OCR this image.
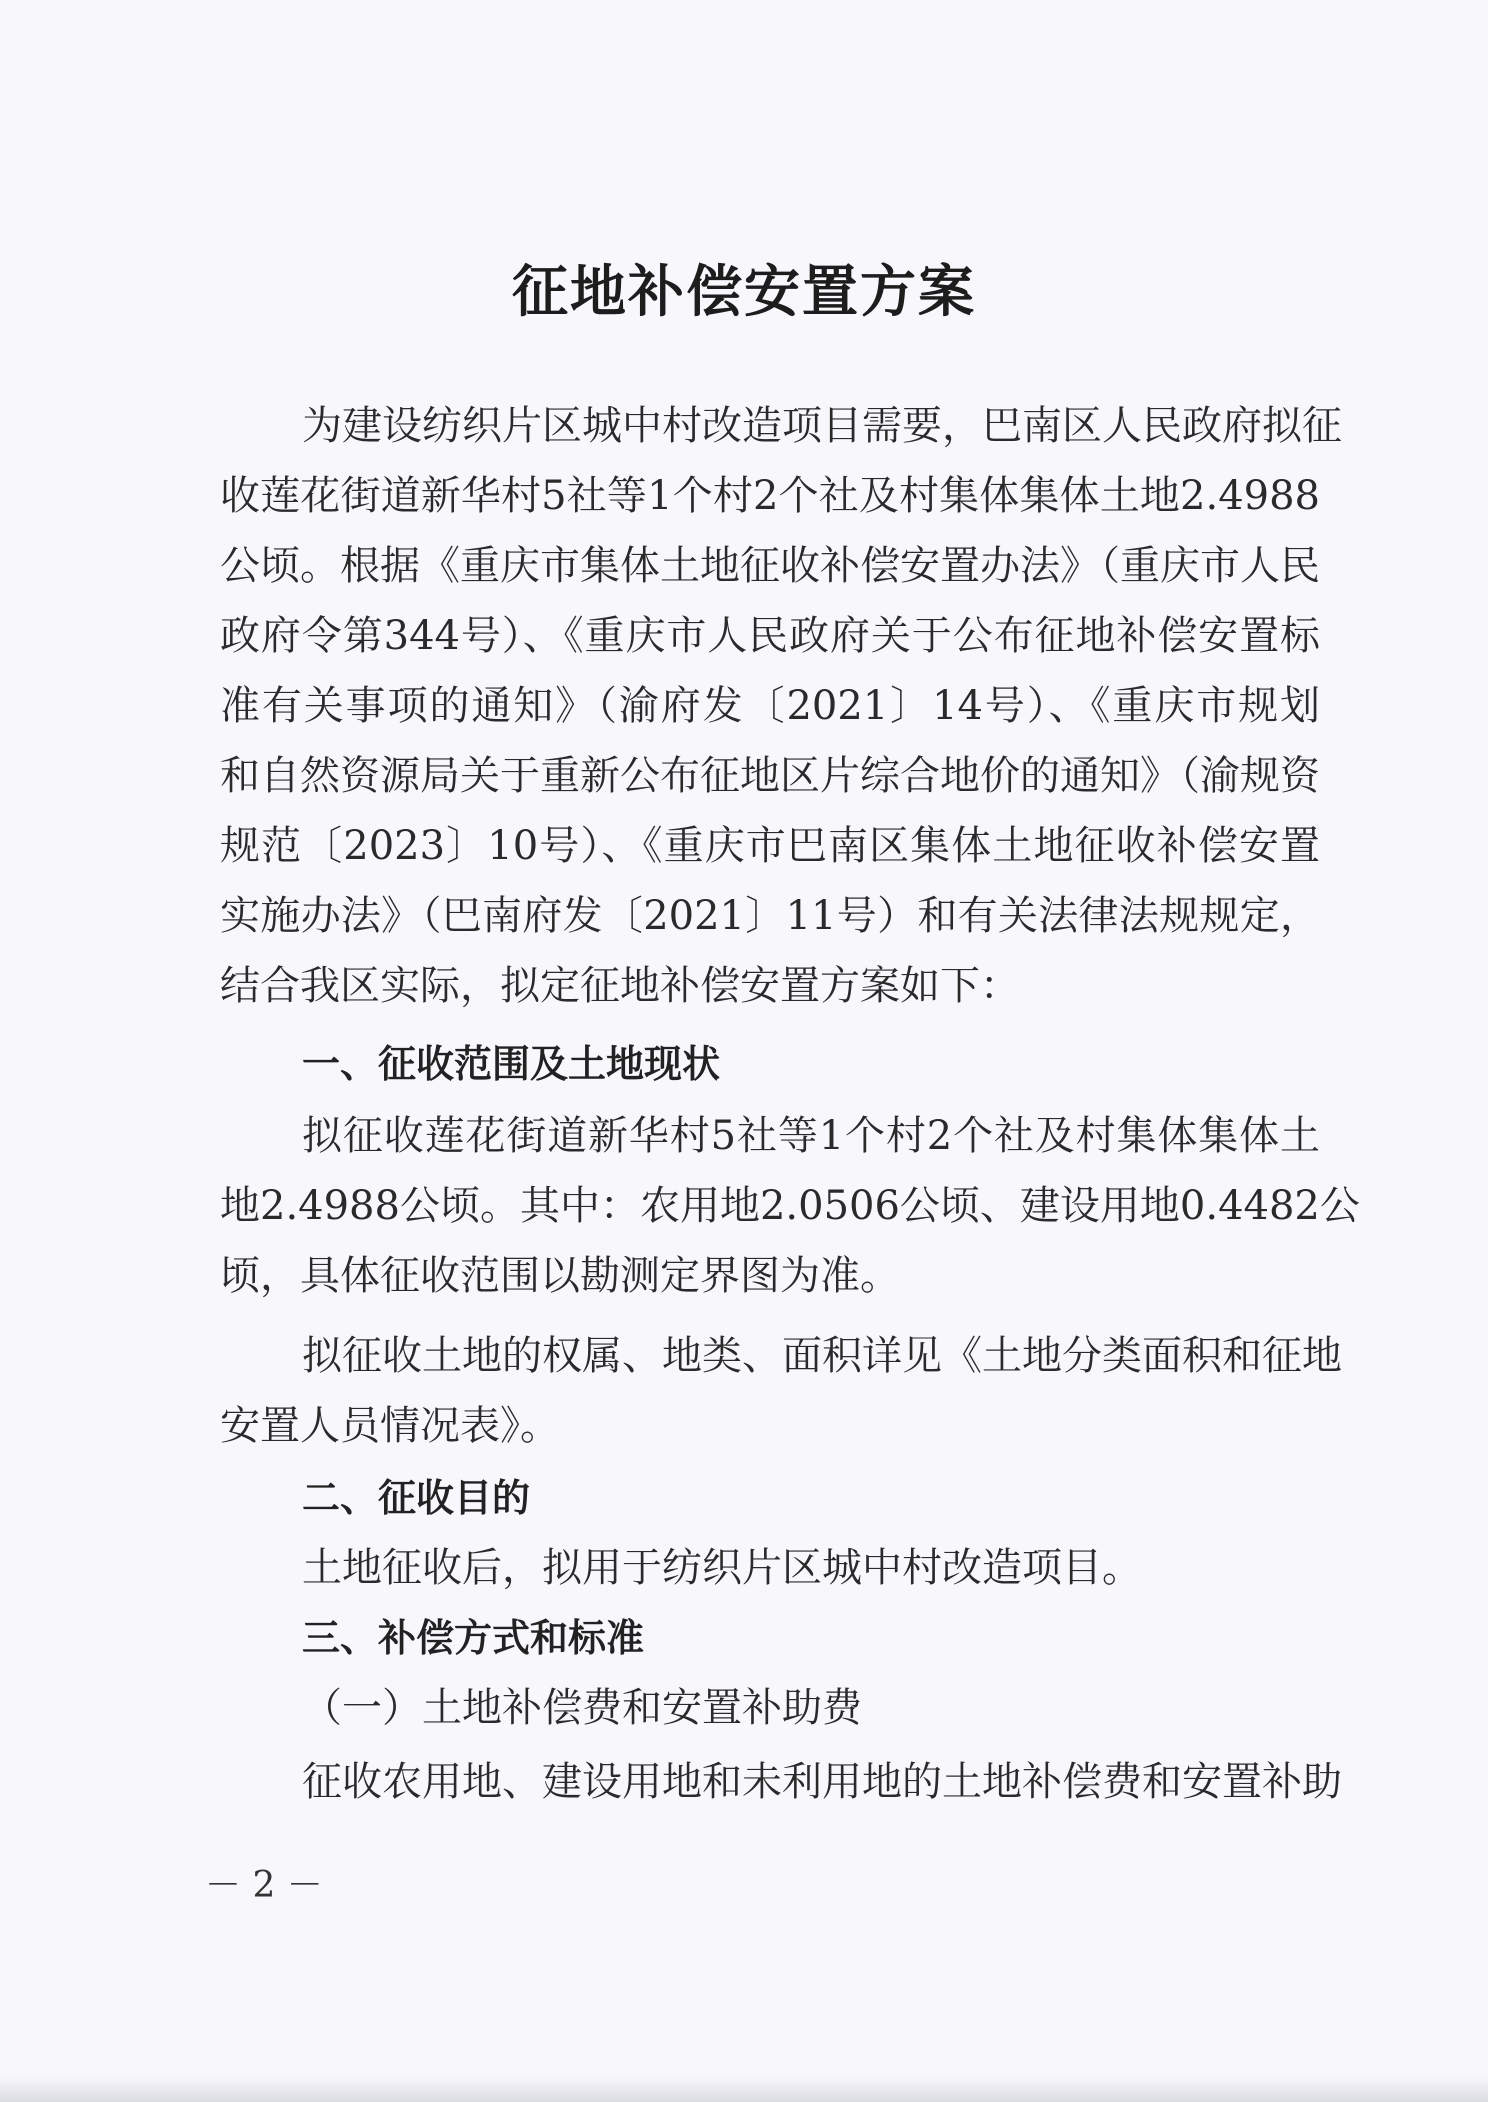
征地补偿安置方案
为建设纺织片区城中村改造项目需要，巴南区人民政府拟征
收莲花街道新华村5社等1个村2个社及村集体集体土地2.4988
公顷。根据《重庆市集体土地征收补偿安置办法》（重庆市人民
政府令第344号）、《重庆市人民政府关于公布征地补偿安置标
准有关事项的通知》（渝府发〔2021〕14号）、《重庆市规划
和自然资源局关于重新公布征地区片综合地价的通知》（渝规资
规范〔2023〕10号）、《重庆市巴南区集体土地征收补偿安置
实施办法》（巴南府发〔2021〕11号）和有关法律法规规定，
结合我区实际，拟定征地补偿安置方案如下：
一、征收范围及土地现状
拟征收莲花街道新华村5社等1个村2个社及村集体集体土
地2.4988公顷。其中：农用地2.0506公顷、建设用地0.4482公
顷，具体征收范围以勘测定界图为准。
拟征收土地的权属、地类、面积详见《土地分类面积和征地
安置人员情况表》。
二、征收目的
土地征收后，拟用于纺织片区城中村改造项目。
三、补偿方式和标准
（一）土地补偿费和安置补助费
征收农用地、建设用地和未利用地的土地补偿费和安置补助
－ 2 －
